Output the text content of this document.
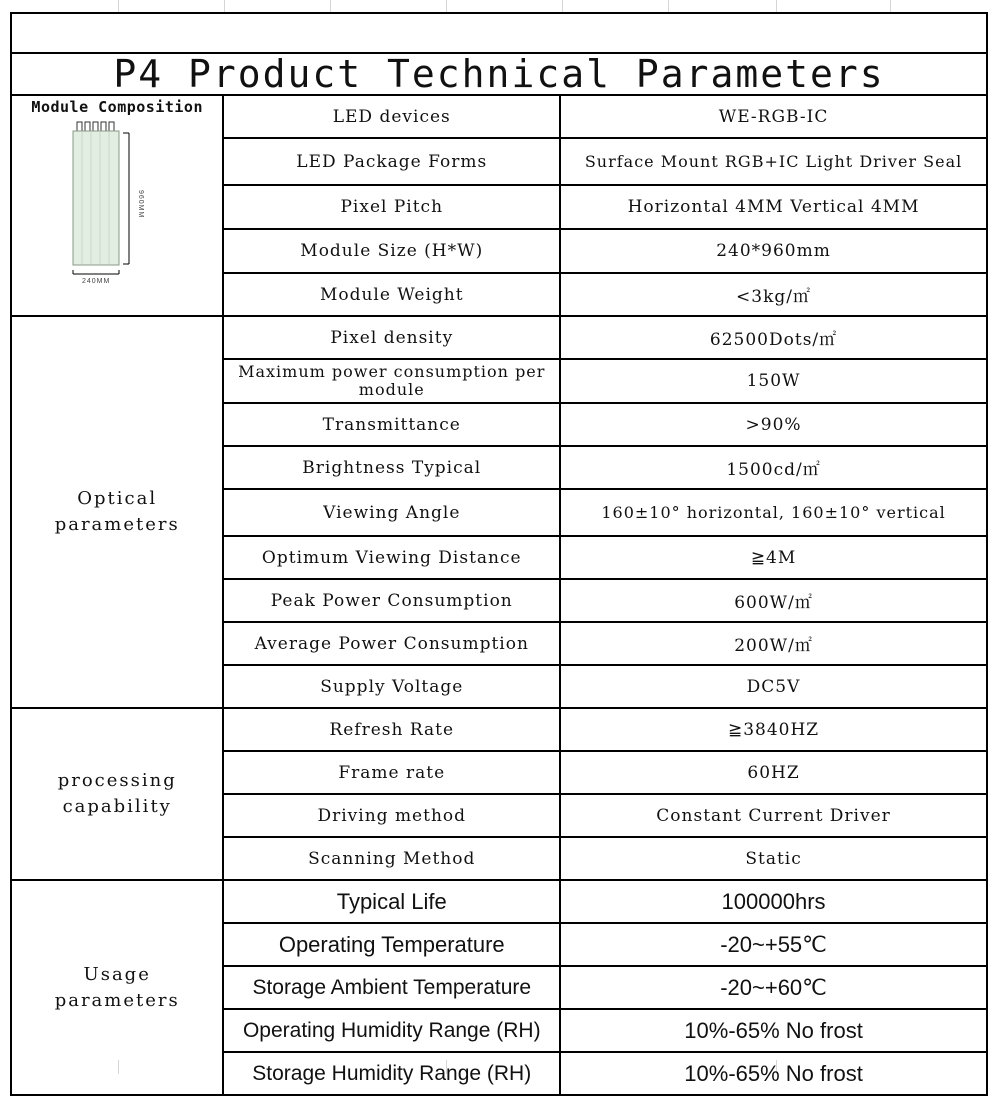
P4 Product Technical Parameters		

Module Composition
960MM
240MM	LED devices	WE-RGB-IC
	LED Package Forms	Surface Mount RGB+IC Light Driver Seal
	Pixel Pitch	Horizontal 4MM Vertical 4MM
	Module Size (H*W)	240*960mm
	Module Weight	<3kg/㎡
Optical parameters	Pixel density	62500Dots/㎡
	Maximum power consumption per module	150W
	Transmittance	>90%
	Brightness Typical	1500cd/㎡
	Viewing Angle	160±10° horizontal, 160±10° vertical
	Optimum Viewing Distance	≧4M
	Peak Power Consumption	600W/㎡
	Average Power Consumption	200W/㎡
	Supply Voltage	DC5V
processing capability	Refresh Rate	≧3840HZ
	Frame rate	60HZ
	Driving method	Constant Current Driver
	Scanning Method	Static
Usage parameters	Typical Life	100000hrs
	Operating Temperature	-20~+55℃
	Storage Ambient Temperature	-20~+60℃
	Operating Humidity Range (RH)	10%-65% No frost
	Storage Humidity Range (RH)	10%-65% No frost
